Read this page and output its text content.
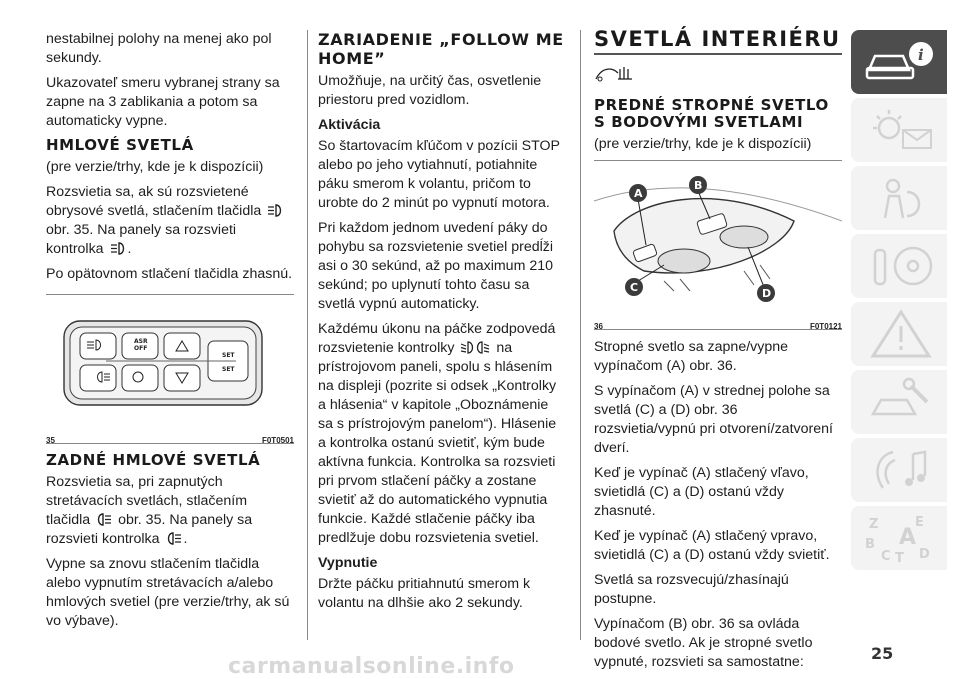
nestabilnej polohy na menej ako pol sekundy.

Ukazovateľ smeru vybranej strany sa zapne na 3 zablikania a potom sa automaticky vypne.

HMLOVÉ SVETLÁ

(pre verzie/trhy, kde je k dispozícii)

Rozsvietia sa, ak sú rozsvietené obrysové svetlá, stlačením tlačidla  obr. 35. Na panely sa rozsvieti kontrolka .

Po opätovnom stlačení tlačidla zhasnú.

ASR
OFF
SET
SET
35	F0T0501
ZADNÉ HMLOVÉ SVETLÁ

Rozsvietia sa, pri zapnutých stretávacích svetlách, stlačením tlačidla obr. 35. Na panely sa rozsvieti kontrolka .

Vypne sa znovu stlačením tlačidla alebo vypnutím stretávacích a/alebo hmlových svetiel (pre verzie/trhy, ak sú vo výbave).

ZARIADENIE „FOLLOW ME HOME”

Umožňuje, na určitý čas, osvetlenie priestoru pred vozidlom.

Aktivácia

So štartovacím kľúčom v pozícii STOP alebo po jeho vytiahnutí, potiahnite páku smerom k volantu, pričom to urobte do 2 minút po vypnutí motora.

Pri každom jednom uvedení páky do pohybu sa rozsvietenie svetiel predĺži asi o 30 sekúnd, až po maximum 210 sekúnd; po uplynutí tohto času sa svetlá vypnú automaticky.

Každému úkonu na páčke zodpovedá rozsvietenie kontrolky	na prístrojovom paneli, spolu s hlásením na displeji (pozrite si odsek „Kontrolky a hlásenia“ v kapitole „Oboznámenie sa s prístrojovým panelom“). Hlásenie a kontrolka ostanú svietiť, kým bude aktívna funkcia. Kontrolka sa rozsvieti pri prvom stlačení páčky a zostane svietiť až do automatického vypnutia funkcie. Každé stlačenie páčky iba predlžuje dobu rozsvietenia svetiel.

Vypnutie

Držte páčku pritiahnutú smerom k volantu na dlhšie ako 2 sekundy.

SVETLÁ INTERIÉRU
PREDNÉ STROPNÉ SVETLO S BODOVÝMI SVETLAMI

(pre verzie/trhy, kde je k dispozícii)

A
B
C	D
36	F0T0121

Stropné svetlo sa zapne/vypne vypínačom (A) obr. 36.

S vypínačom (A) v strednej polohe sa svetlá (C) a (D) obr. 36 rozsvietia/vypnú pri otvorení/zatvorení dverí.

Keď je vypínač (A) stlačený vľavo, svietidlá (C) a (D) ostanú vždy zhasnuté.

Keď je vypínač (A) stlačený vpravo, svietidlá (C) a (D) ostanú vždy svietiť.

Svetlá sa rozsvecujú/zhasínajú postupne.

Vypínačom (B) obr. 36 sa ovláda bodové svetlo. Ak je stropné svetlo vypnuté, rozsvieti sa samostatne:

i
Z	E
A
B
C T D
25
carmanualsonline.info
